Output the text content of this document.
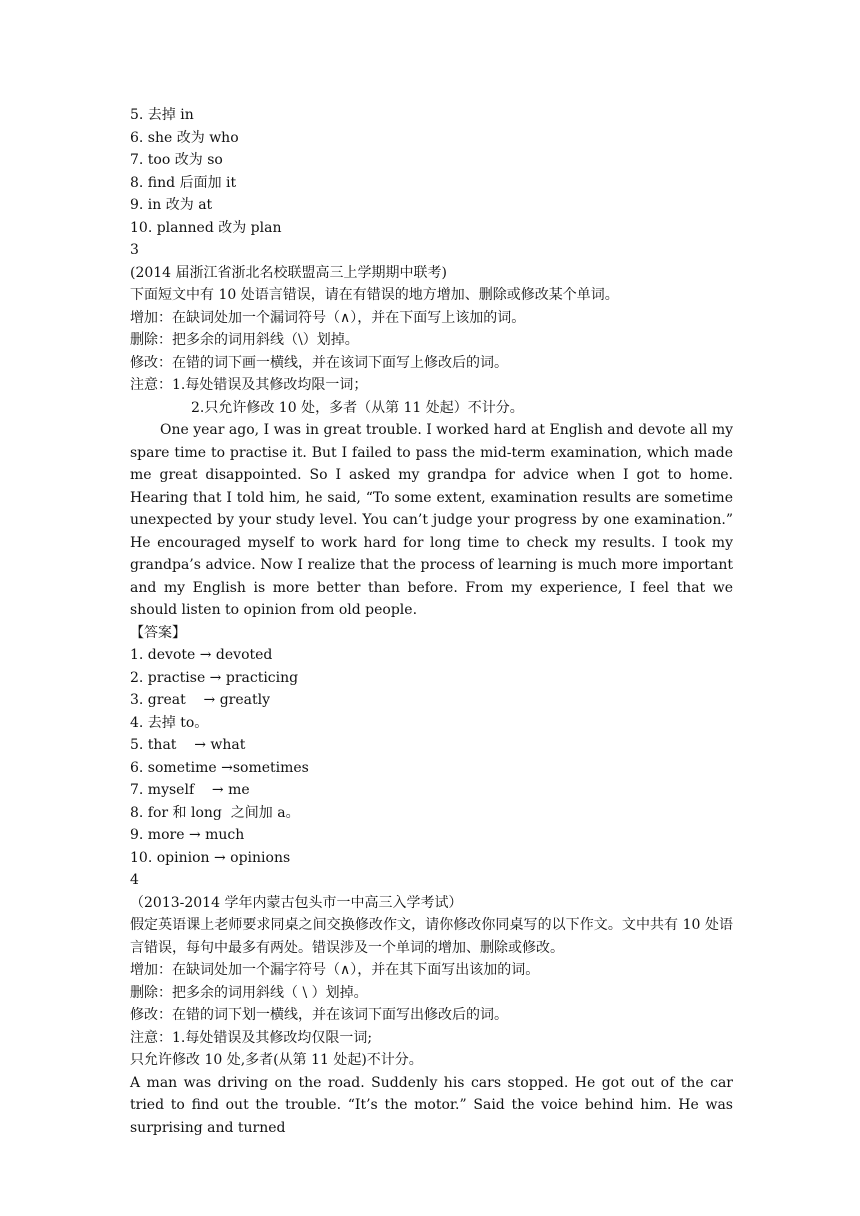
5. 去掉 in
6. she 改为 who
7. too 改为 so
8. find 后面加 it
9. in 改为 at
10. planned 改为 plan
3
(2014 届浙江省浙北名校联盟高三上学期期中联考)
下面短文中有 10 处语言错误，请在有错误的地方增加、删除或修改某个单词。
增加：在缺词处加一个漏词符号（∧），并在下面写上该加的词。
删除：把多余的词用斜线（\）划掉。
修改：在错的词下画一横线，并在该词下面写上修改后的词。
注意：1.每处错误及其修改均限一词；
2.只允许修改 10 处，多者（从第 11 处起）不计分。
One year ago, I was in great trouble. I worked hard at English and devote all my spare time to practise it. But I failed to pass the mid-term examination, which made me great disappointed. So I asked my grandpa for advice when I got to home. Hearing that I told him, he said, “To some extent, examination results are sometime unexpected by your study level. You can’t judge your progress by one examination.” He encouraged myself to work hard for long time to check my results. I took my grandpa’s advice. Now I realize that the process of learning is much more important and my English is more better than before. From my experience, I feel that we should listen to opinion from old people.
【答案】
1. devote → devoted
2. practise → practicing
3. great    → greatly
4. 去掉 to。
5. that    → what
6. sometime →sometimes
7. myself    → me
8. for 和 long  之间加 a。
9. more → much
10. opinion → opinions
4
（2013-2014 学年内蒙古包头市一中高三入学考试）
假定英语课上老师要求同桌之间交换修改作文，请你修改你同桌写的以下作文。文中共有 10 处语言错误，每句中最多有两处。错误涉及一个单词的增加、删除或修改。
增加：在缺词处加一个漏字符号（∧），并在其下面写出该加的词。
删除：把多余的词用斜线（ \ ）划掉。
修改：在错的词下划一横线，并在该词下面写出修改后的词。
注意：1.每处错误及其修改均仅限一词;
只允许修改 10 处,多者(从第 11 处起)不计分。
A man was driving on the road. Suddenly his cars stopped. He got out of the car tried to find out the trouble. “It’s the motor.” Said the voice behind him. He was surprising and turned
